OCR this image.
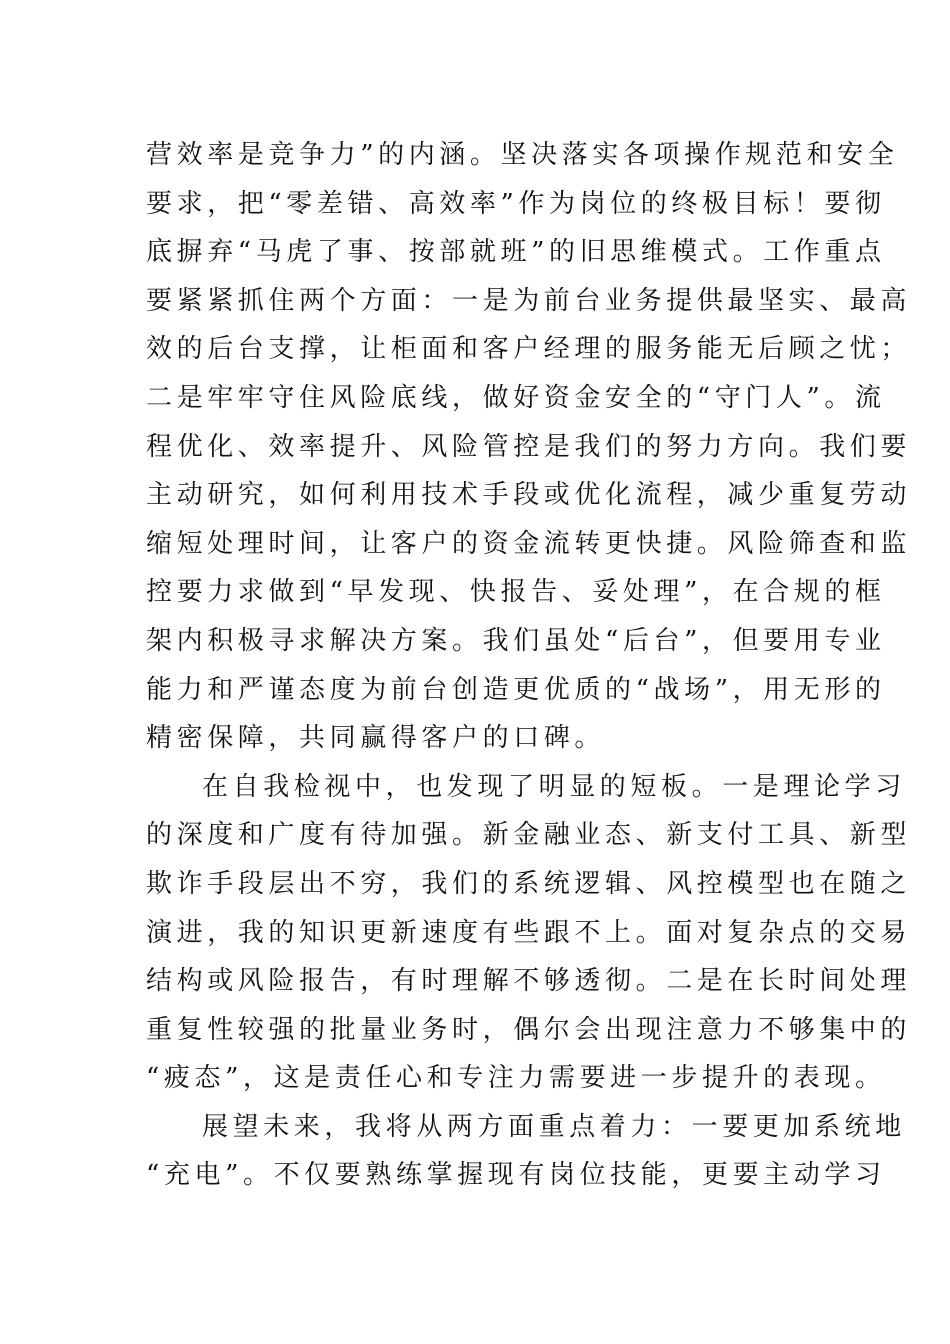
营效率是竞争力”的内涵。坚决落实各项操作规范和安全
要求，把“零差错、高效率”作为岗位的终极目标！要彻
底摒弃“马虎了事、按部就班”的旧思维模式。工作重点
要紧紧抓住两个方面：一是为前台业务提供最坚实、最高
效的后台支撑，让柜面和客户经理的服务能无后顾之忧；
二是牢牢守住风险底线，做好资金安全的“守门人”。流
程优化、效率提升、风险管控是我们的努力方向。我们要
主动研究，如何利用技术手段或优化流程，减少重复劳动
缩短处理时间，让客户的资金流转更快捷。风险筛查和监
控要力求做到“早发现、快报告、妥处理”，在合规的框
架内积极寻求解决方案。我们虽处“后台”，但要用专业
能力和严谨态度为前台创造更优质的“战场”，用无形的
精密保障，共同赢得客户的口碑。

在自我检视中，也发现了明显的短板。一是理论学习
的深度和广度有待加强。新金融业态、新支付工具、新型
欺诈手段层出不穷，我们的系统逻辑、风控模型也在随之
演进，我的知识更新速度有些跟不上。面对复杂点的交易
结构或风险报告，有时理解不够透彻。二是在长时间处理
重复性较强的批量业务时，偶尔会出现注意力不够集中的
“疲态”，这是责任心和专注力需要进一步提升的表现。

展望未来，我将从两方面重点着力：一要更加系统地
“充电”。不仅要熟练掌握现有岗位技能，更要主动学习
